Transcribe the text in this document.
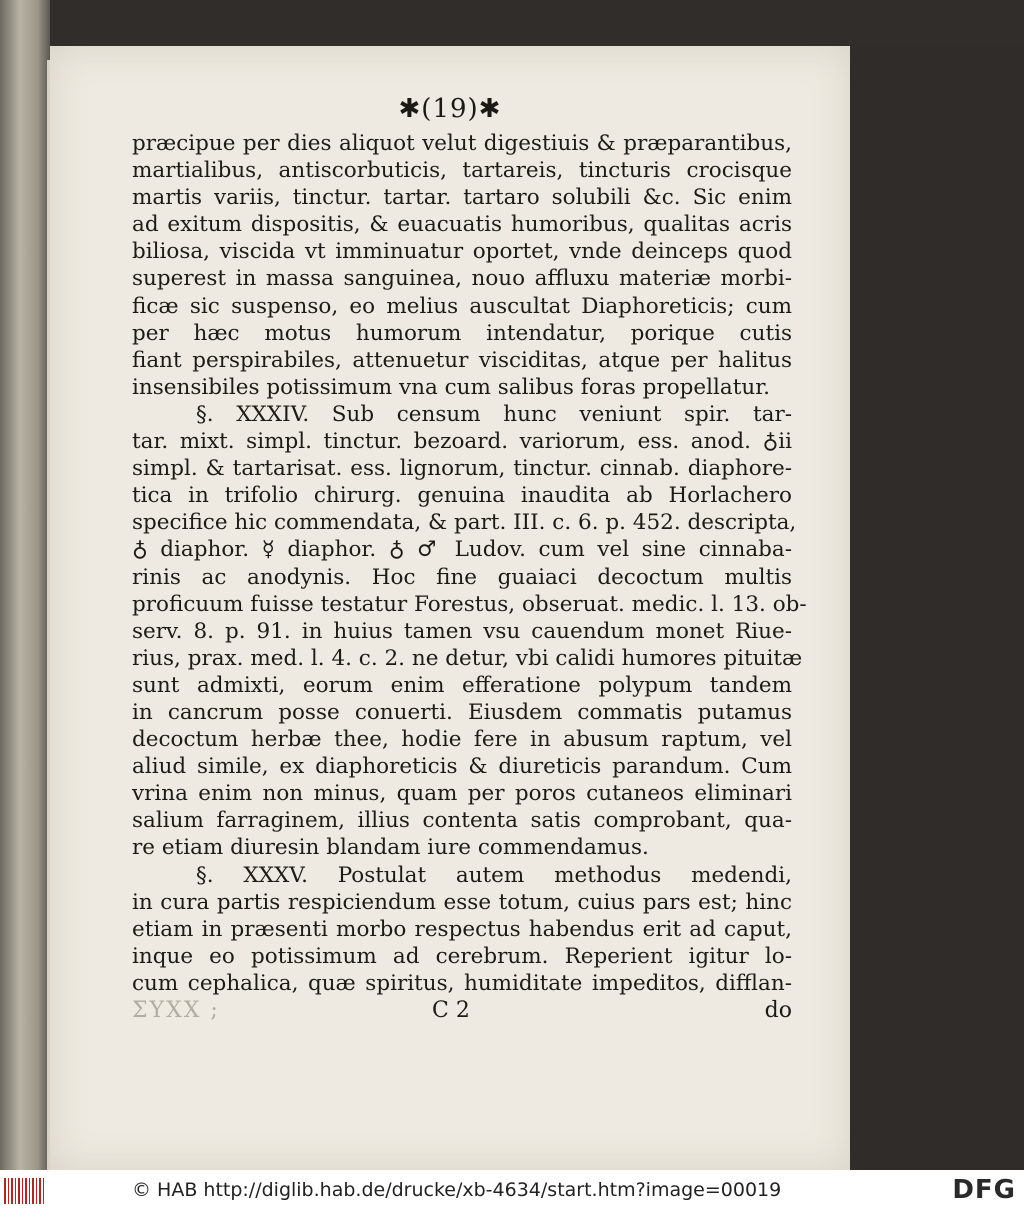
✱(19)✱
præcipue per dies aliquot velut digestiuis & præparantibus,
martialibus, antiscorbuticis, tartareis, tincturis crocisque
martis variis, tinctur. tartar. tartaro solubili &c. Sic enim
ad exitum dispositis, & euacuatis humoribus, qualitas acris
biliosa, viscida vt imminuatur oportet, vnde deinceps quod
superest in massa sanguinea, nouo affluxu materiæ morbi-
ficæ sic suspenso, eo melius auscultat Diaphoreticis; cum
per hæc motus humorum intendatur, porique cutis
fiant perspirabiles, attenuetur visciditas, atque per halitus
insensibiles potissimum vna cum salibus foras propellatur.
§. XXXIV. Sub censum hunc veniunt spir. tar-
tar. mixt. simpl. tinctur. bezoard. variorum, ess. anod. ♁ii
simpl. & tartarisat. ess. lignorum, tinctur. cinnab. diaphore-
tica in trifolio chirurg. genuina inaudita ab Horlachero
specifice hic commendata, & part. III. c. 6. p. 452. descripta,
♁ diaphor. ☿ diaphor. ♁ ♂ Ludov. cum vel sine cinnaba-
rinis ac anodynis. Hoc fine guaiaci decoctum multis
proficuum fuisse testatur Forestus, obseruat. medic. l. 13. ob-
serv. 8. p. 91. in huius tamen vsu cauendum monet Riue-
rius, prax. med. l. 4. c. 2. ne detur, vbi calidi humores pituitæ
sunt admixti, eorum enim efferatione polypum tandem
in cancrum posse conuerti. Eiusdem commatis putamus
decoctum herbæ thee, hodie fere in abusum raptum, vel
aliud simile, ex diaphoreticis & diureticis parandum. Cum
vrina enim non minus, quam per poros cutaneos eliminari
salium farraginem, illius contenta satis comprobant, qua-
re etiam diuresin blandam iure commendamus.
§. XXXV. Postulat autem methodus medendi,
in cura partis respiciendum esse totum, cuius pars est; hinc
etiam in præsenti morbo respectus habendus erit ad caput,
inque eo potissimum ad cerebrum. Reperient igitur lo-
cum cephalica, quæ spiritus, humiditate impeditos, difflan-
ΣΥΧΧ ;	C 2	do
© HAB http://diglib.hab.de/drucke/xb-4634/start.htm?image=00019	DFG
